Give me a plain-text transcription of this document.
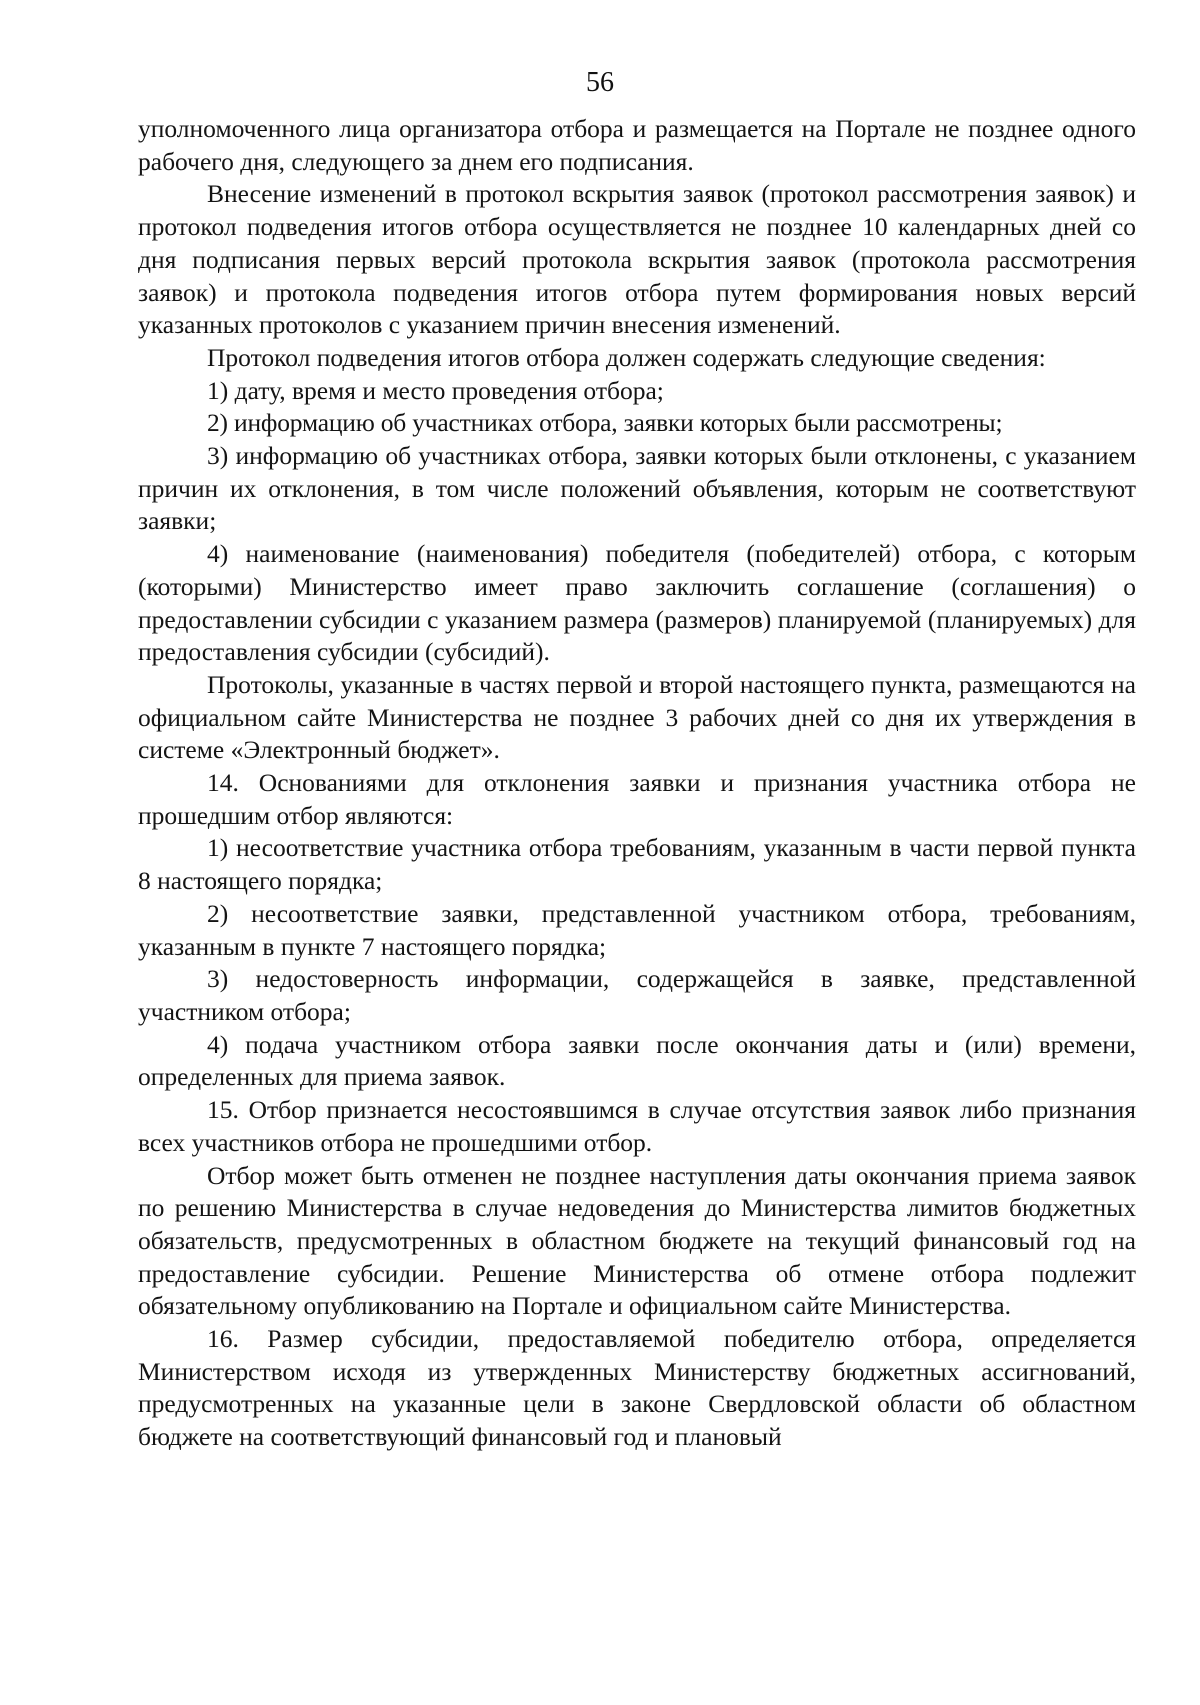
56

уполномоченного лица организатора отбора и размещается на Портале не позднее одного рабочего дня, следующего за днем его подписания.

Внесение изменений в протокол вскрытия заявок (протокол рассмотрения заявок) и протокол подведения итогов отбора осуществляется не позднее 10 календарных дней со дня подписания первых версий протокола вскрытия заявок (протокола рассмотрения заявок) и протокола подведения итогов отбора путем формирования новых версий указанных протоколов с указанием причин внесения изменений.

Протокол подведения итогов отбора должен содержать следующие сведения:

1) дату, время и место проведения отбора;

2) информацию об участниках отбора, заявки которых были рассмотрены;

3) информацию об участниках отбора, заявки которых были отклонены, с указанием причин их отклонения, в том числе положений объявления, которым не соответствуют заявки;

4) наименование (наименования) победителя (победителей) отбора, с которым (которыми) Министерство имеет право заключить соглашение (соглашения) о предоставлении субсидии с указанием размера (размеров) планируемой (планируемых) для предоставления субсидии (субсидий).

Протоколы, указанные в частях первой и второй настоящего пункта, размещаются на официальном сайте Министерства не позднее 3 рабочих дней со дня их утверждения в системе «Электронный бюджет».

14. Основаниями для отклонения заявки и признания участника отбора не прошедшим отбор являются:

1) несоответствие участника отбора требованиям, указанным в части первой пункта 8 настоящего порядка;

2) несоответствие заявки, представленной участником отбора, требованиям, указанным в пункте 7 настоящего порядка;

3) недостоверность информации, содержащейся в заявке, представленной участником отбора;

4) подача участником отбора заявки после окончания даты и (или) времени, определенных для приема заявок.

15. Отбор признается несостоявшимся в случае отсутствия заявок либо признания всех участников отбора не прошедшими отбор.

Отбор может быть отменен не позднее наступления даты окончания приема заявок по решению Министерства в случае недоведения до Министерства лимитов бюджетных обязательств, предусмотренных в областном бюджете на текущий финансовый год на предоставление субсидии. Решение Министерства об отмене отбора подлежит обязательному опубликованию на Портале и официальном сайте Министерства.

16. Размер субсидии, предоставляемой победителю отбора, определяется Министерством исходя из утвержденных Министерству бюджетных ассигнований, предусмотренных на указанные цели в законе Свердловской области об областном бюджете на соответствующий финансовый год и плановый
